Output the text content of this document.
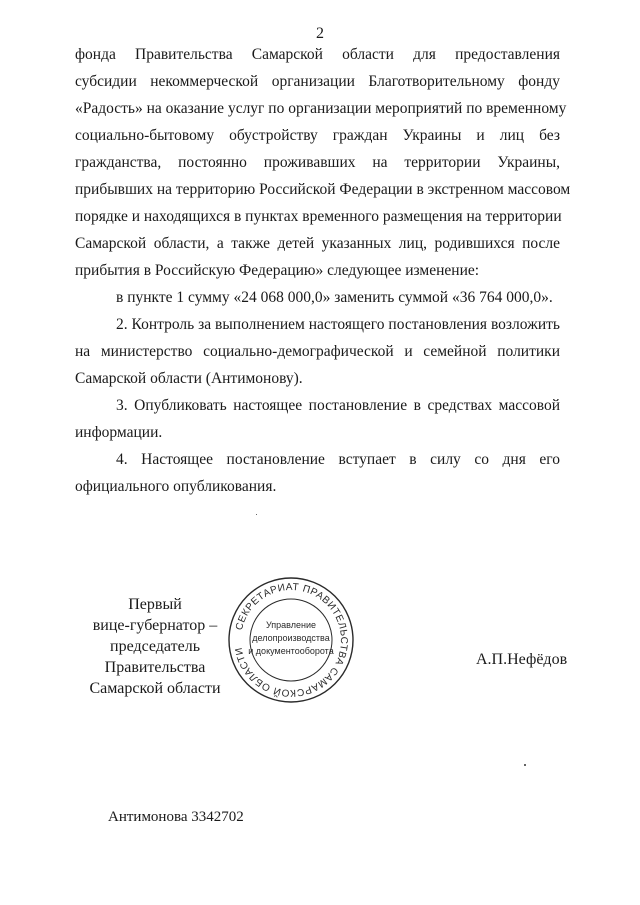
2
фонда Правительства Самарской области для предоставления
субсидии некоммерческой организации Благотворительному фонду
«Радость» на оказание услуг по организации мероприятий по временному
социально-бытовому обустройству граждан Украины и лиц без
гражданства, постоянно проживавших на территории Украины,
прибывших на территорию Российской Федерации в экстренном массовом
порядке и находящихся в пунктах временного размещения на территории
Самарской области, а также детей указанных лиц, родившихся после
прибытия в Российскую Федерацию» следующее изменение:
в пункте 1 сумму «24 068 000,0» заменить суммой «36 764 000,0».
2. Контроль за выполнением настоящего постановления возложить
на министерство социально-демографической и семейной политики
Самарской области (Антимонову).
3. Опубликовать настоящее постановление в средствах массовой
информации.
4. Настоящее постановление вступает в силу со дня его
официального опубликования.
Первый
вице-губернатор –
председатель Правительства
Самарской области
СЕКРЕТАРИАТ ПРАВИТЕЛЬСТВА САМАРСКОЙ ОБЛАСТИ
Управление
делопроизводства
и документооборота	А.П.Нефёдов
Антимонова 3342702
